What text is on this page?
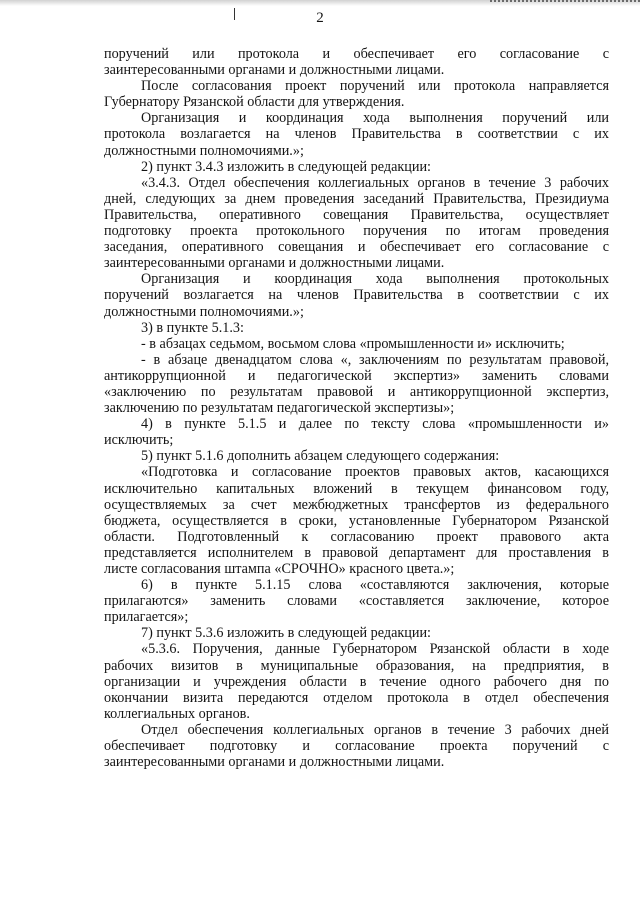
2

поручений или протокола и обеспечивает его согласование с

заинтересованными органами и должностными лицами.

После согласования проект поручений или протокола направляется

Губернатору Рязанской области для утверждения.

Организация и координация хода выполнения поручений или

протокола возлагается на членов Правительства в соответствии с их

должностными полномочиями.»;

2) пункт 3.4.3 изложить в следующей редакции:

«3.4.3. Отдел обеспечения коллегиальных органов в течение 3 рабочих

дней, следующих за днем проведения заседаний Правительства, Президиума

Правительства, оперативного совещания Правительства, осуществляет

подготовку проекта протокольного поручения по итогам проведения

заседания, оперативного совещания и обеспечивает его согласование с

заинтересованными органами и должностными лицами.

Организация и координация хода выполнения протокольных

поручений возлагается на членов Правительства в соответствии с их

должностными полномочиями.»;

3) в пункте 5.1.3:

- в абзацах седьмом, восьмом слова «промышленности и» исключить;

- в абзаце двенадцатом слова «, заключениям по результатам правовой,

антикоррупционной и педагогической экспертиз» заменить словами

«заключению по результатам правовой и антикоррупционной экспертиз,

заключению по результатам педагогической экспертизы»;

4) в пункте 5.1.5 и далее по тексту слова «промышленности и»

исключить;

5) пункт 5.1.6 дополнить абзацем следующего содержания:

«Подготовка и согласование проектов правовых актов, касающихся

исключительно капитальных вложений в текущем финансовом году,

осуществляемых за счет межбюджетных трансфертов из федерального

бюджета, осуществляется в сроки, установленные Губернатором Рязанской

области. Подготовленный к согласованию проект правового акта

представляется исполнителем в правовой департамент для проставления в

листе согласования штампа «СРОЧНО» красного цвета.»;

6) в пункте 5.1.15 слова «составляются заключения, которые

прилагаются» заменить словами «составляется заключение, которое

прилагается»;

7) пункт 5.3.6 изложить в следующей редакции:

«5.3.6. Поручения, данные Губернатором Рязанской области в ходе

рабочих визитов в муниципальные образования, на предприятия, в

организации и учреждения области в течение одного рабочего дня по

окончании визита передаются отделом протокола в отдел обеспечения

коллегиальных органов.

Отдел обеспечения коллегиальных органов в течение 3 рабочих дней

обеспечивает подготовку и согласование проекта поручений с

заинтересованными органами и должностными лицами.
